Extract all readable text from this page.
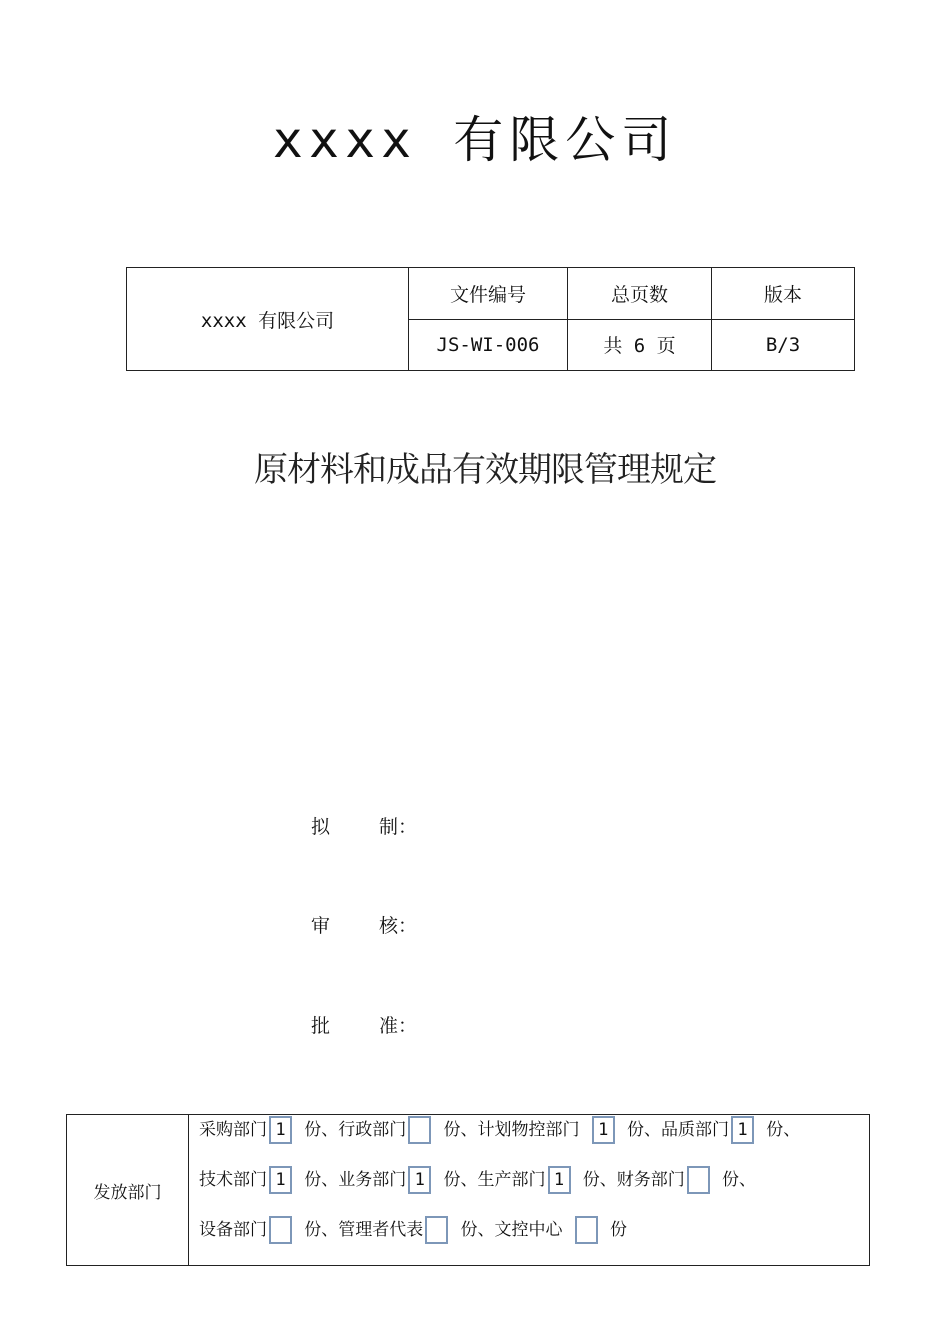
xxxx 有限公司
xxxx 有限公司	文件编号	总页数	版本
	JS-WI-006	共 6 页	B/3
原材料和成品有效期限管理规定
拟	制：
审	核：
批	准：
发放部门	
采购部门 1 份、行政部门 份、计划物控部门 1 份、品质部门 1 份、
技术部门 1 份、业务部门 1 份、生产部门 1 份、财务部门 份、
设备部门 份、管理者代表 份、文控中心  份
